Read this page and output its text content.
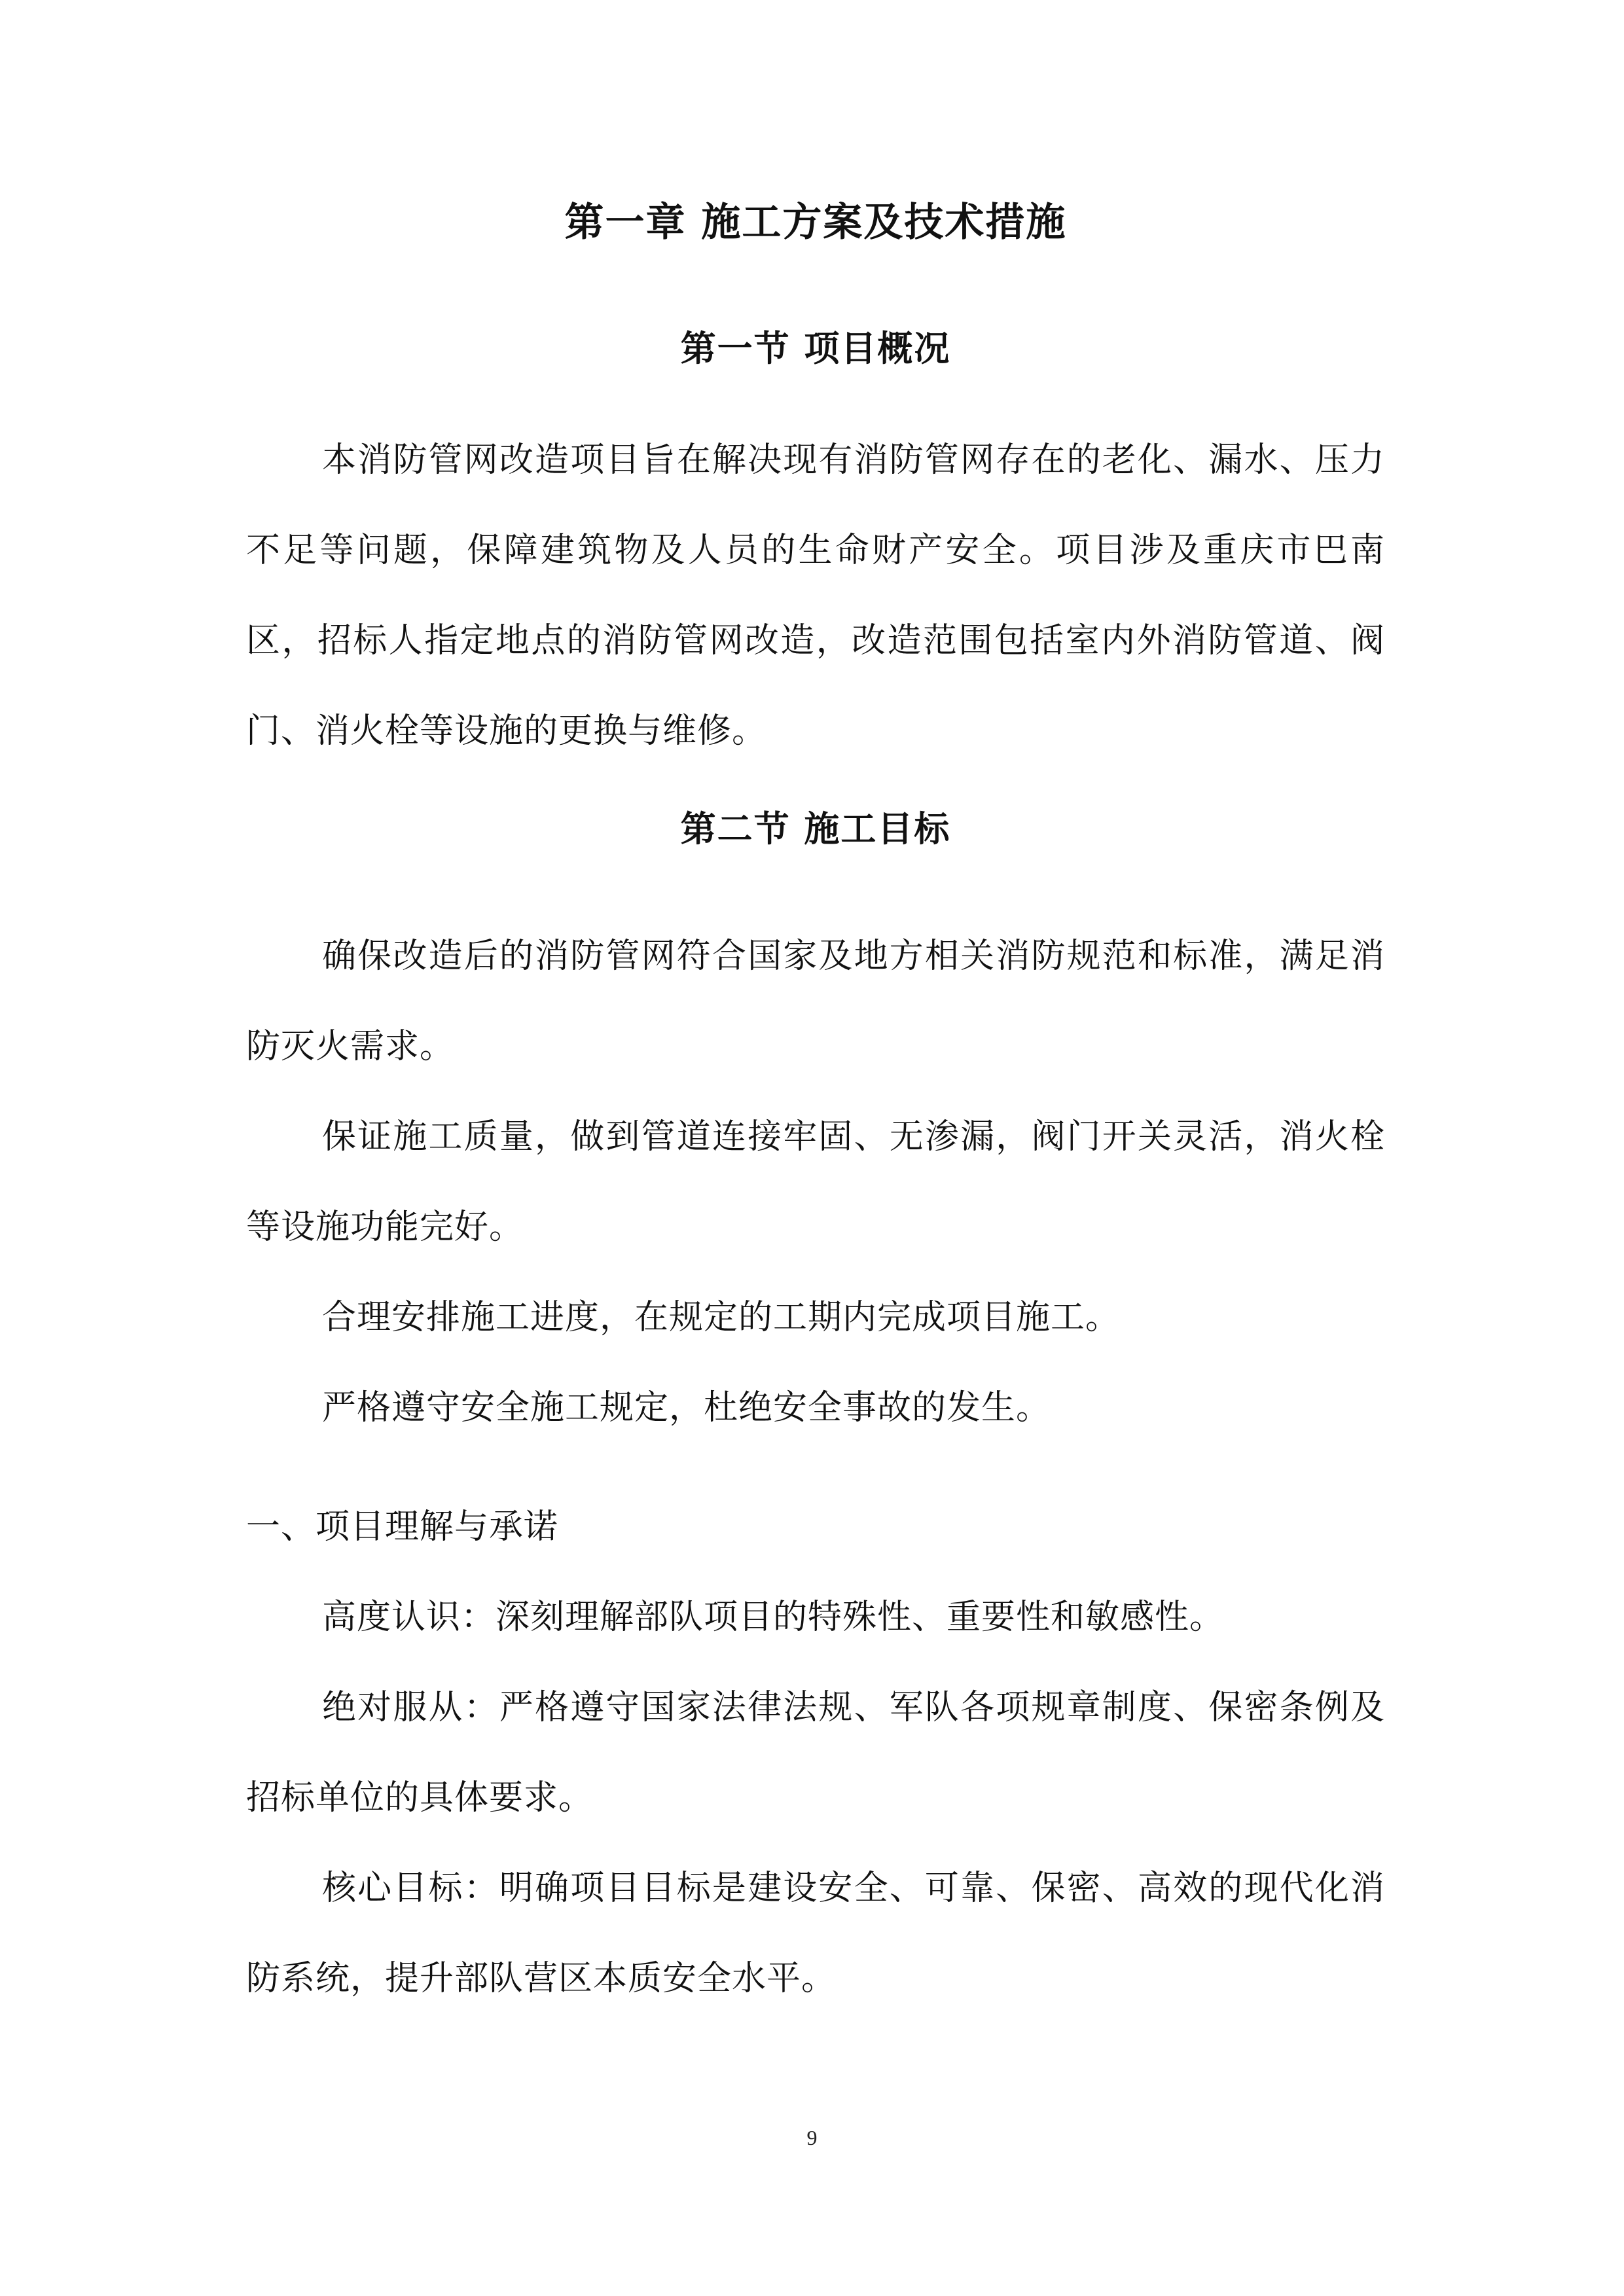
第一章 施工方案及技术措施
第一节 项目概况

本消防管网改造项目旨在解决现有消防管网存在的老化、漏水、压力不足等问题，保障建筑物及人员的生命财产安全。项目涉及重庆市巴南区，招标人指定地点的消防管网改造，改造范围包括室内外消防管道、阀门、消火栓等设施的更换与维修。

第二节 施工目标

确保改造后的消防管网符合国家及地方相关消防规范和标准，满足消防灭火需求。

保证施工质量，做到管道连接牢固、无渗漏，阀门开关灵活，消火栓等设施功能完好。

合理安排施工进度，在规定的工期内完成项目施工。

严格遵守安全施工规定，杜绝安全事故的发生。

一、项目理解与承诺

高度认识：深刻理解部队项目的特殊性、重要性和敏感性。

绝对服从：严格遵守国家法律法规、军队各项规章制度、保密条例及招标单位的具体要求。

核心目标：明确项目目标是建设安全、可靠、保密、高效的现代化消防系统，提升部队营区本质安全水平。

9
